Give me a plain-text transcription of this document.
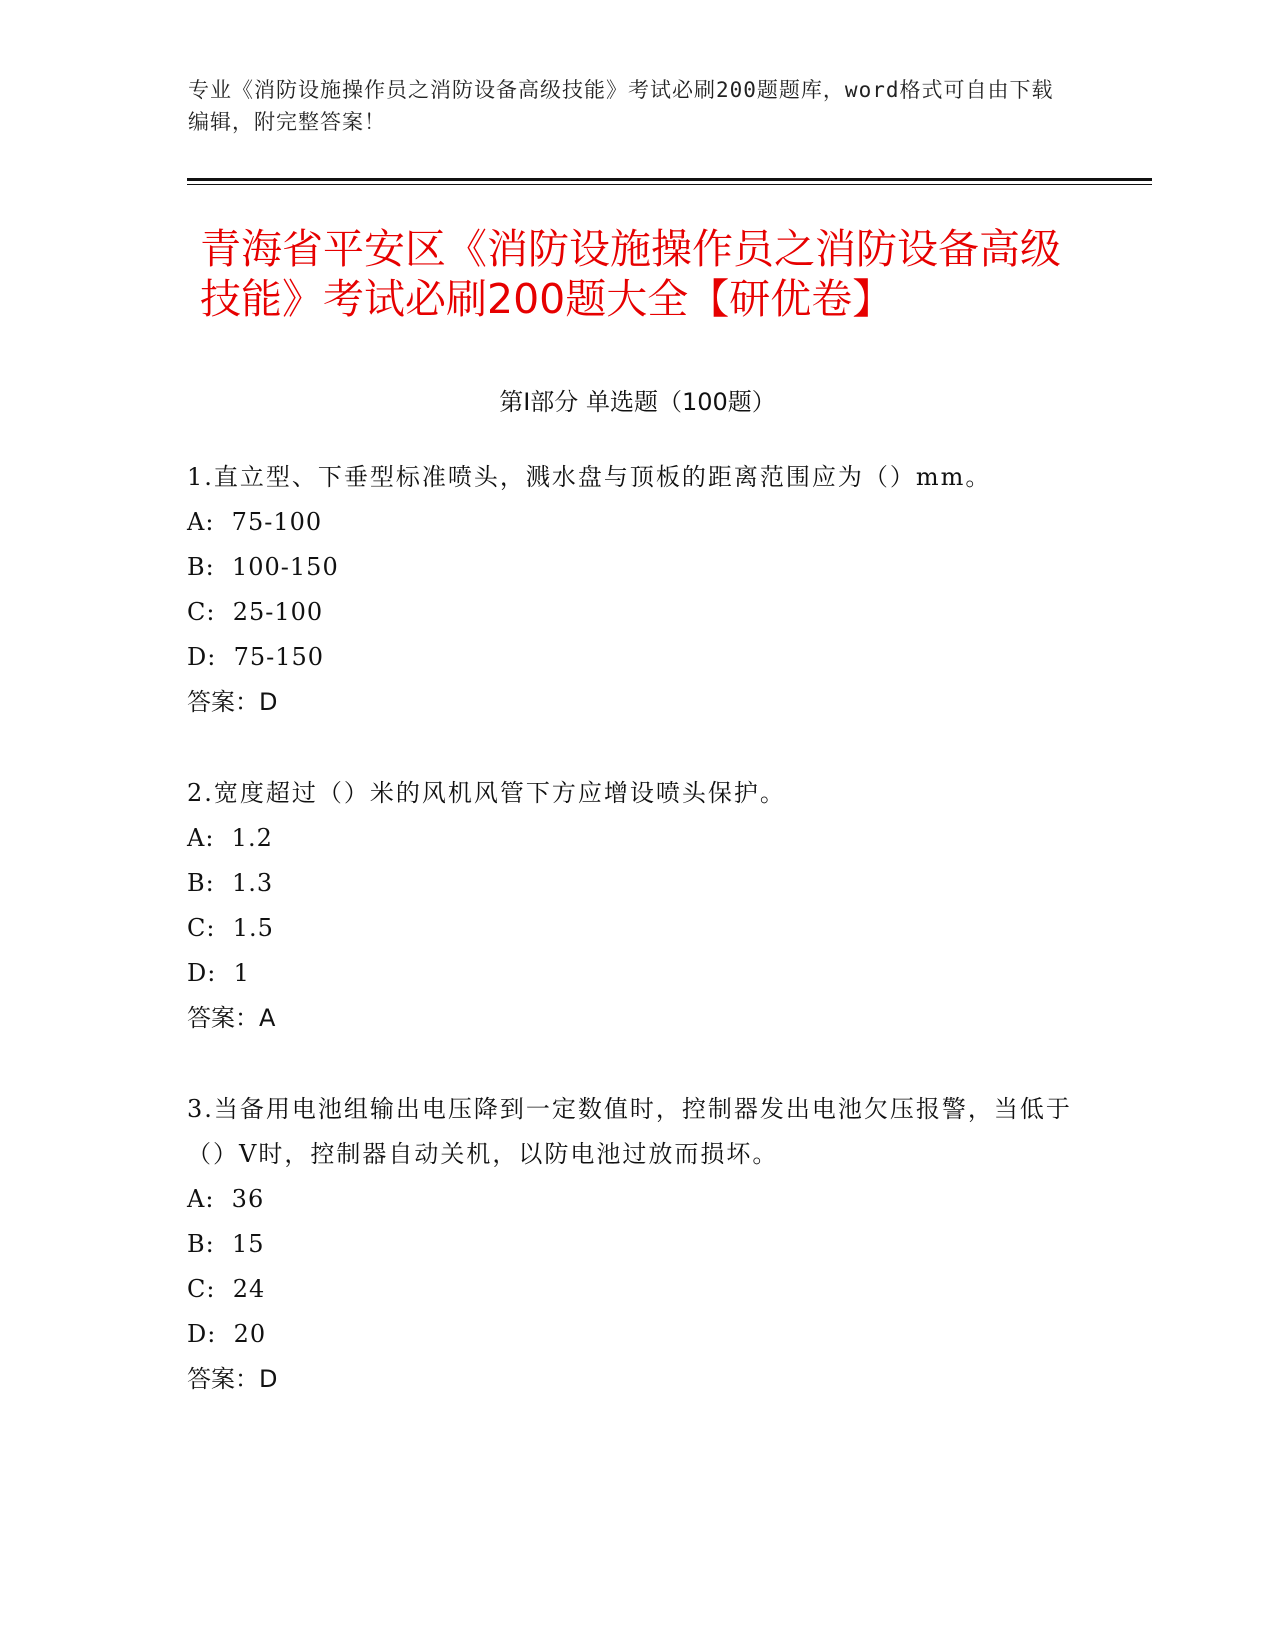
专业《消防设施操作员之消防设备高级技能》考试必刷200题题库，word格式可自由下载编辑，附完整答案！
青海省平安区《消防设施操作员之消防设备高级技能》考试必刷200题大全【研优卷】
第I部分 单选题（100题）
1.直立型、下垂型标准喷头，溅水盘与顶板的距离范围应为（）mm。
A:  75-100
B:  100-150
C:  25-100
D:  75-150
答案：D
2.宽度超过（）米的风机风管下方应增设喷头保护。
A:  1.2
B:  1.3
C:  1.5
D:  1
答案：A
3.当备用电池组输出电压降到一定数值时，控制器发出电池欠压报警，当低于（）V时，控制器自动关机，以防电池过放而损坏。
A:  36
B:  15
C:  24
D:  20
答案：D
